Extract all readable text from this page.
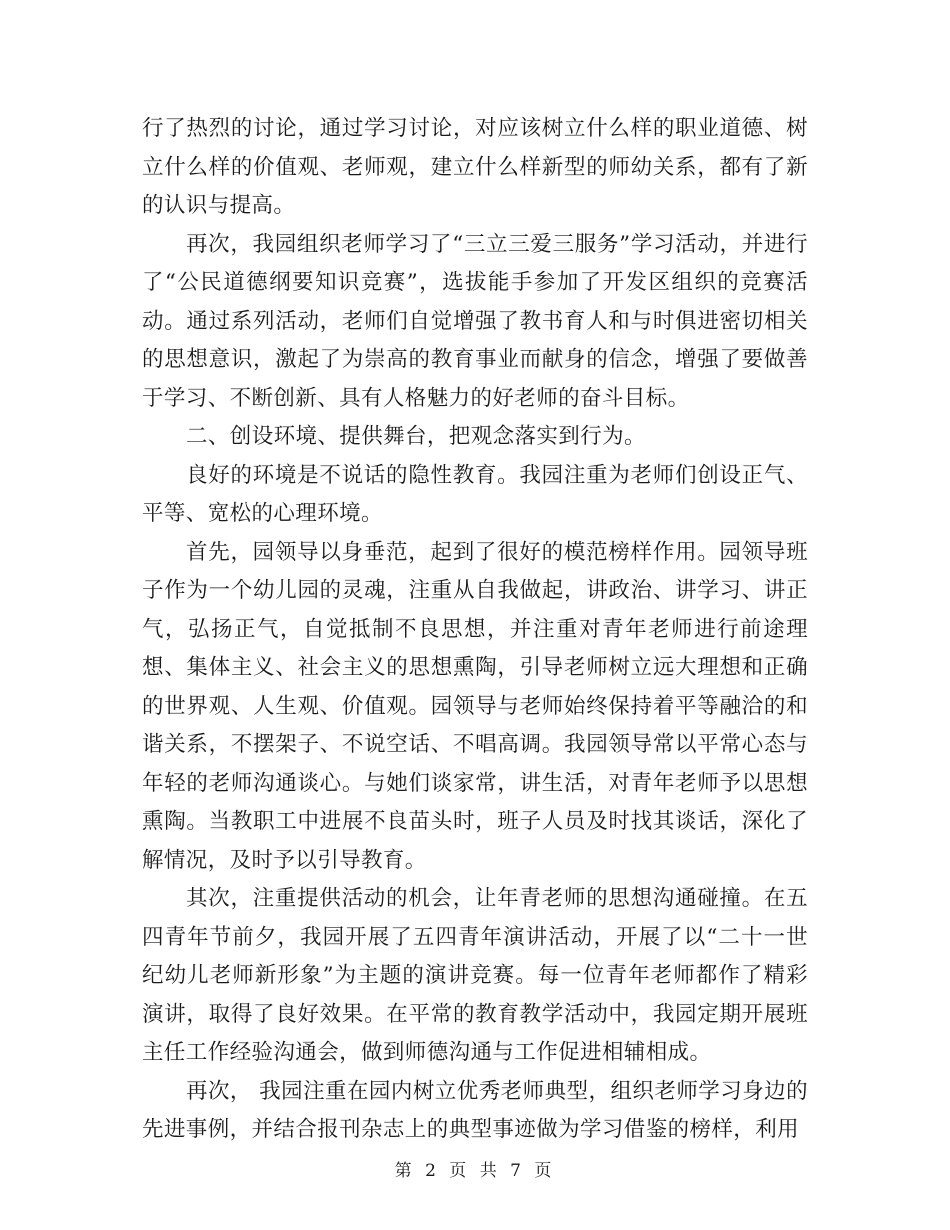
行了热烈的讨论，通过学习讨论，对应该树立什么样的职业道德、树立什么样的价值观、老师观，建立什么样新型的师幼关系，都有了新的认识与提高。

再次，我园组织老师学习了“三立三爱三服务”学习活动，并进行了“公民道德纲要知识竞赛”，选拔能手参加了开发区组织的竞赛活动。通过系列活动，老师们自觉增强了教书育人和与时俱进密切相关的思想意识，激起了为崇高的教育事业而献身的信念，增强了要做善于学习、不断创新、具有人格魅力的好老师的奋斗目标。

二、创设环境、提供舞台，把观念落实到行为。

良好的环境是不说话的隐性教育。我园注重为老师们创设正气、平等、宽松的心理环境。

首先，园领导以身垂范，起到了很好的模范榜样作用。园领导班子作为一个幼儿园的灵魂，注重从自我做起，讲政治、讲学习、讲正气，弘扬正气，自觉抵制不良思想，并注重对青年老师进行前途理想、集体主义、社会主义的思想熏陶，引导老师树立远大理想和正确的世界观、人生观、价值观。园领导与老师始终保持着平等融洽的和谐关系，不摆架子、不说空话、不唱高调。我园领导常以平常心态与年轻的老师沟通谈心。与她们谈家常，讲生活，对青年老师予以思想熏陶。当教职工中进展不良苗头时，班子人员及时找其谈话，深化了解情况，及时予以引导教育。

其次，注重提供活动的机会，让年青老师的思想沟通碰撞。在五四青年节前夕，我园开展了五四青年演讲活动，开展了以“二十一世纪幼儿老师新形象”为主题的演讲竞赛。每一位青年老师都作了精彩演讲，取得了良好效果。在平常的教育教学活动中，我园定期开展班主任工作经验沟通会，做到师德沟通与工作促进相辅相成。

再次， 我园注重在园内树立优秀老师典型，组织老师学习身边的先进事例，并结合报刊杂志上的典型事迹做为学习借鉴的榜样，利用

第 2 页 共 7 页
